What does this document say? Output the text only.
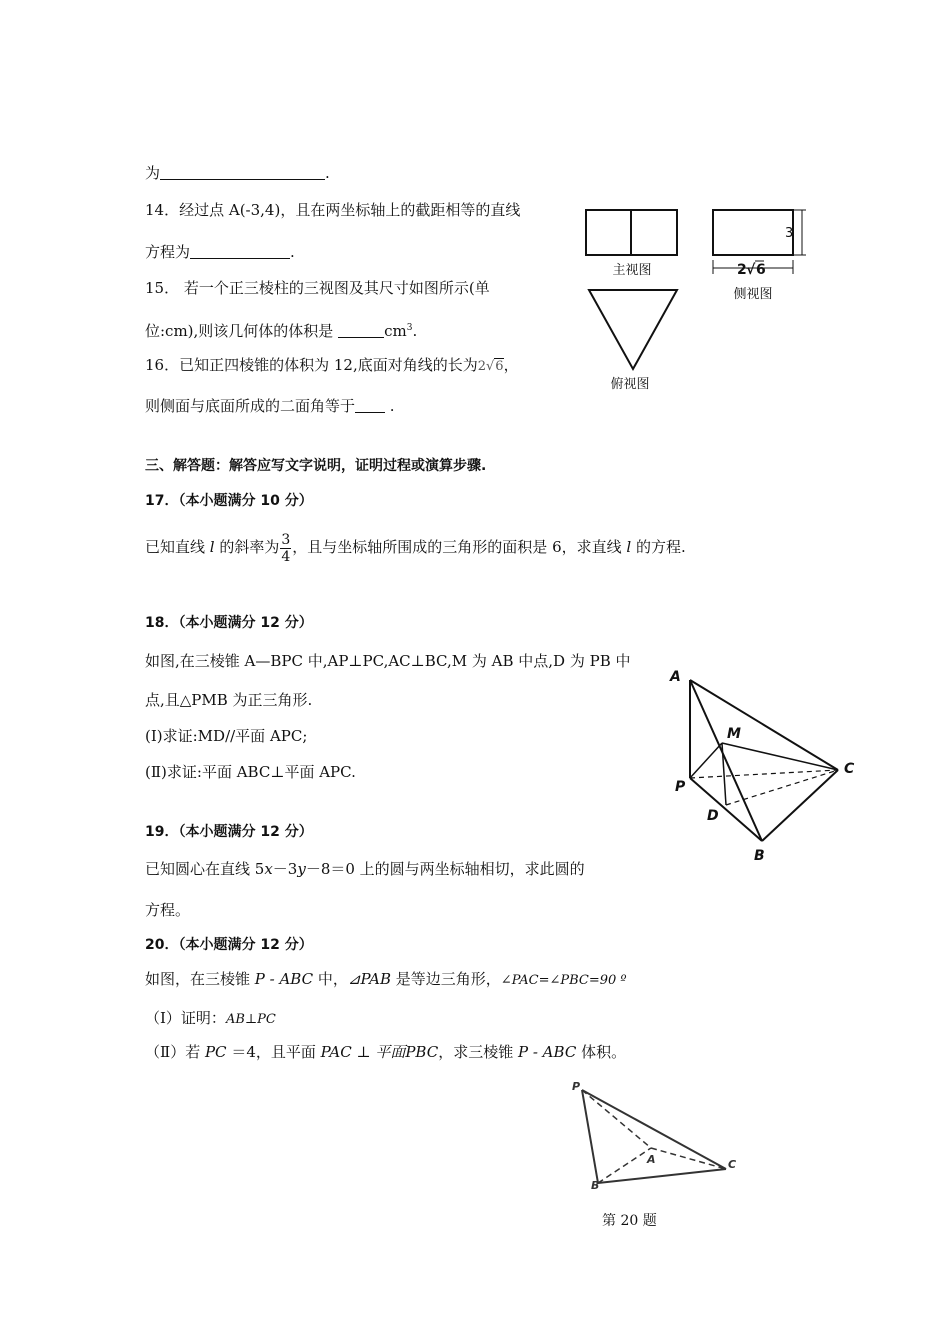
为	.
14．经过点 A(-3,4)，且在两坐标轴上的截距相等的直线
方程为	.
15． 若一个正三棱柱的三视图及其尺寸如图所示(单
位:cm),则该几何体的体积是	$cm^3$.
16．已知正四棱锥的体积为 12,底面对角线的长为2√6，
则侧面与底面所成的二面角等于 .
主视图
3
2 √ 6
侧视图
俯视图
三、解答题：解答应写文字说明，证明过程或演算步骤.
17．（本小题满分 10 分）
已知直线 l 的斜率为 $\frac{3}{4}$ ，且与坐标轴所围成的三角形的面积是 6，求直线 l 的方程.
18．（本小题满分 12 分）
如图,在三棱锥 A—BPC 中,AP⊥PC,AC⊥BC,M 为 AB 中点,D 为 PB 中
点,且△PMB 为正三角形.
(Ⅰ)求证:MD//平面 APC;
(Ⅱ)求证:平面 ABC⊥平面 APC.
A
M
C
P
D
B
19．（本小题满分 12 分）
已知圆心在直线 5x－3y－8＝0 上的圆与两坐标轴相切，求此圆的
方程。
20．（本小题满分 12 分）
如图，在三棱锥 P - ABC 中，⊿PAB 是等边三角形，∠PAC=∠PBC=90 º
（Ⅰ）证明：AB⊥PC
（Ⅱ）若 PC ＝4，且平面 PAC ⊥ 平面PBC，求三棱锥 P - ABC 体积。
P
A	C
B
第 20 题
